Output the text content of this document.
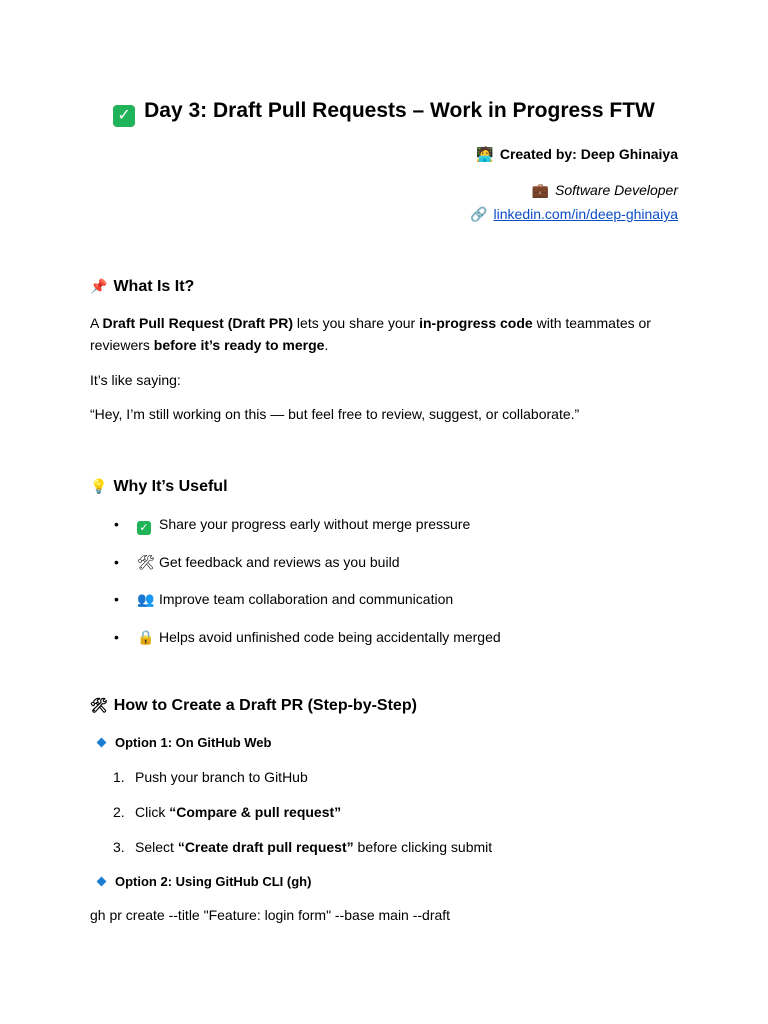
✓ Day 3: Draft Pull Requests – Work in Progress FTW
🧑‍💻 Created by: Deep Ghinaiya
💼 Software Developer
🔗 linkedin.com/in/deep-ghinaiya
📌 What Is It?
A Draft Pull Request (Draft PR) lets you share your in-progress code with teammates or reviewers before it’s ready to merge.
It’s like saying:
“Hey, I’m still working on this — but feel free to review, suggest, or collaborate.”
💡 Why It’s Useful
• ✓ Share your progress early without merge pressure
• 🛠 Get feedback and reviews as you build
• 👥 Improve team collaboration and communication
• 🔒 Helps avoid unfinished code being accidentally merged
🛠 How to Create a Draft PR (Step-by-Step)
Option 1: On GitHub Web
1. Push your branch to GitHub
2. Click “Compare & pull request”
3. Select “Create draft pull request” before clicking submit
Option 2: Using GitHub CLI (gh)
gh pr create --title "Feature: login form" --base main --draft
